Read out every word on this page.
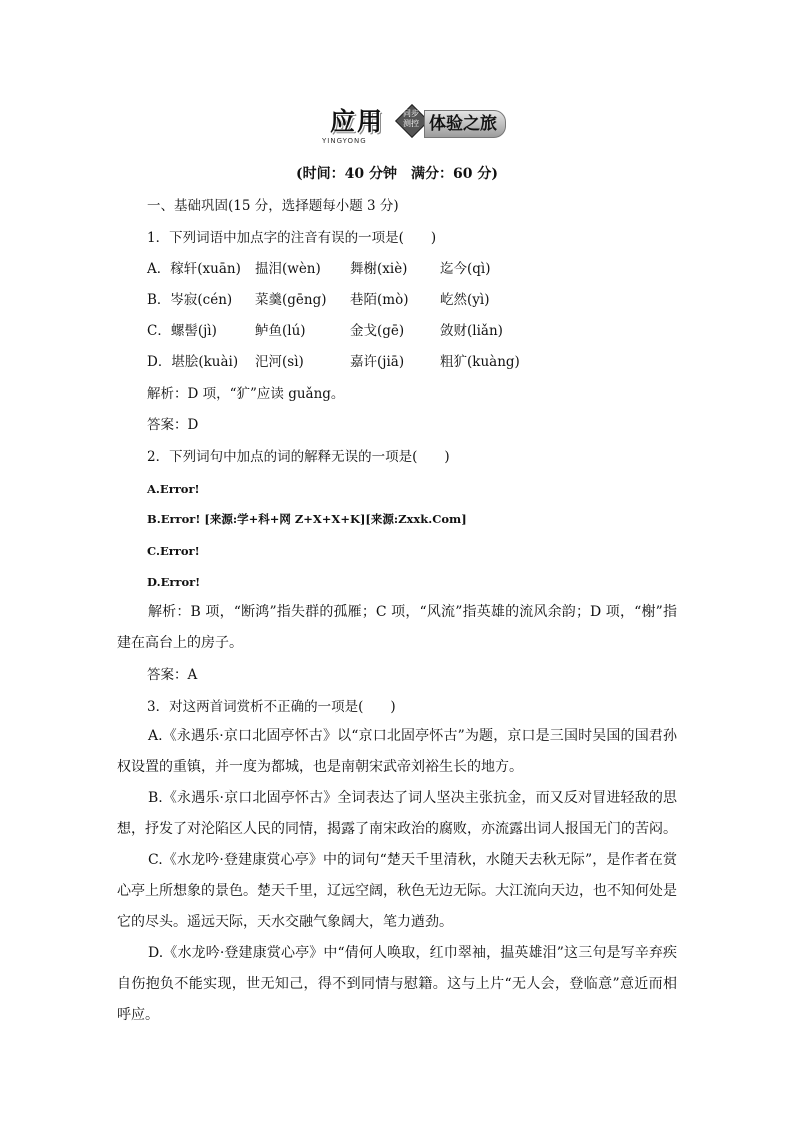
应用
YINGYONG
同步 测控 体验之旅
(时间：40 分钟　满分：60 分)
一、基础巩固(15 分，选择题每小题 3 分)
1．下列词语中加点字的注音有误的一项是(　　)
A．稼轩(xuān) 揾泪(wèn) 舞榭(xiè) 迄今(qì)
B．岑寂(cén) 菜羹(gēng) 巷陌(mò) 屹然(yì)
C．螺髻(jì)	鲈鱼(lú)	金戈(gē)	敛财(liǎn)
D．堪脍(kuài) 汜河(sì)	嘉许(jiā)	粗犷(kuàng)
解析：D 项，“犷”应读 guǎng。
答案：D
2．下列词句中加点的词的解释无误的一项是(　　)
A.Error!
B.Error! [来源:学+科+网 Z+X+X+K][来源:Zxxk.Com]
C.Error!
D.Error!
解析：B 项，“断鸿”指失群的孤雁；C 项，“风流”指英雄的流风余韵；D 项，“榭”指建在高台上的房子。
答案：A
3．对这两首词赏析不正确的一项是(　　)
A.《永遇乐·京口北固亭怀古》以“京口北固亭怀古”为题，京口是三国时吴国的国君孙权设置的重镇，并一度为都城，也是南朝宋武帝刘裕生长的地方。
B.《永遇乐·京口北固亭怀古》全词表达了词人坚决主张抗金，而又反对冒进轻敌的思想，抒发了对沦陷区人民的同情，揭露了南宋政治的腐败，亦流露出词人报国无门的苦闷。
C.《水龙吟·登建康赏心亭》中的词句“楚天千里清秋，水随天去秋无际”，是作者在赏心亭上所想象的景色。楚天千里，辽远空阔，秋色无边无际。大江流向天边，也不知何处是它的尽头。遥远天际，天水交融气象阔大，笔力遒劲。
D.《水龙吟·登建康赏心亭》中“倩何人唤取，红巾翠袖，揾英雄泪”这三句是写辛弃疾自伤抱负不能实现，世无知己，得不到同情与慰籍。这与上片“无人会，登临意”意近而相呼应。
